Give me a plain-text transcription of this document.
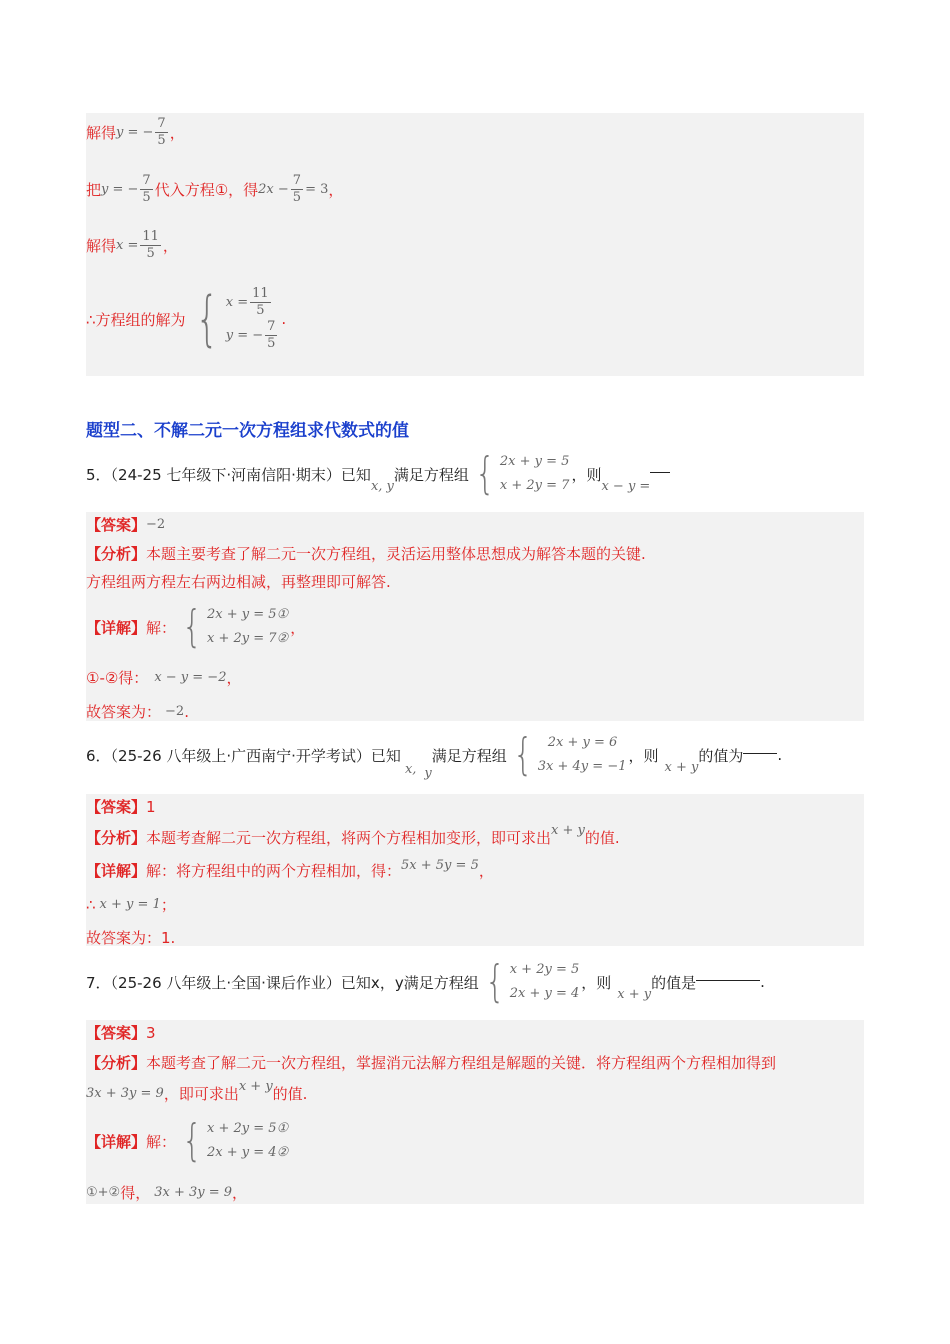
解得 y = − $\frac{7}{5}$ ，
把 y = − $\frac{7}{5}$ 代入方程①，得 $2x - \frac{7}{5} = 3$ ，
解得 $x = \frac{11}{5}$ ，
∴方程组的解为 { $x = \frac{11}{5}$
y = − $\frac{7}{5}$ .
题型二、不解二元一次方程组求代数式的值
5．（24-25 七年级下·河南信阳·期末）已知
x, y
满足方程组 { 2x + y = 5
x + 2y = 7
，则
x − y =
【答案】 −2
【分析】 本题主要考查了解二元一次方程组，灵活运用整体思想成为解答本题的关键.
方程组两方程左右两边相减，再整理即可解答.
【详解】 解： { 2x + y = 5①
x + 2y = 7②
，
①-②得： x − y = −2 ，
故答案为： −2 .
6．（25-26 八年级上·广西南宁·开学考试）已知
x, y
满足方程组 {	2x + y = 6
3x + 4y = −1
，则
x + y
的值为 .
【答案】 1
【分析】 本题考查解二元一次方程组，将两个方程相加变形，即可求出 x + y 的值.
【详解】 解：将方程组中的两个方程相加，得： 5x + 5y = 5 ，
∴ x + y = 1 ；
故答案为：1.
7．（25-26 八年级上·全国·课后作业）已知x，y满足方程组 { x + 2y = 5
2x + y = 4
，则
x + y
的值是	.
【答案】 3
【分析】 本题考查了解二元一次方程组，掌握消元法解方程组是解题的关键．将方程组两个方程相加得到
3x + 3y = 9 ，即可求出 x + y 的值.
【详解】 解： { x + 2y = 5①
2x + y = 4②
①+② 得， 3x + 3y = 9 ，
